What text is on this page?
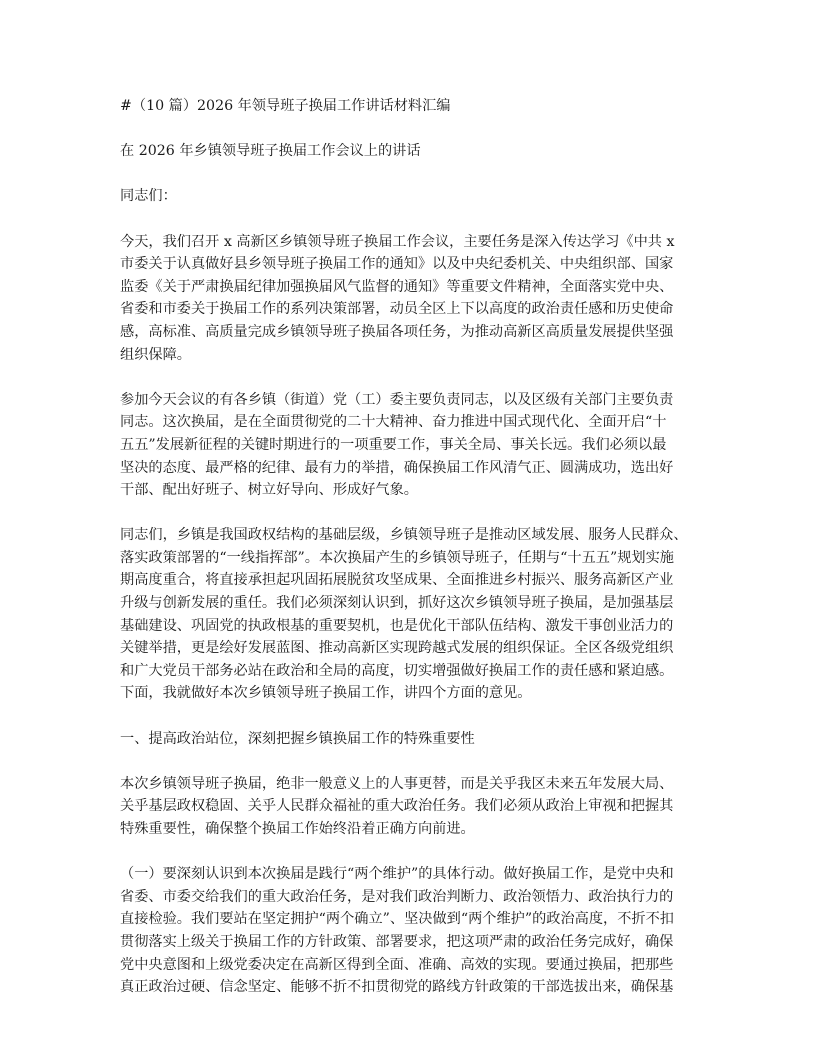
#（10 篇）2026 年领导班子换届工作讲话材料汇编

在 2026 年乡镇领导班子换届工作会议上的讲话

同志们：

今天，我们召开 x 高新区乡镇领导班子换届工作会议，主要任务是深入传达学习《中共 x
市委关于认真做好县乡领导班子换届工作的通知》以及中央纪委机关、中央组织部、国家
监委《关于严肃换届纪律加强换届风气监督的通知》等重要文件精神，全面落实党中央、
省委和市委关于换届工作的系列决策部署，动员全区上下以高度的政治责任感和历史使命
感，高标准、高质量完成乡镇领导班子换届各项任务，为推动高新区高质量发展提供坚强
组织保障。
参加今天会议的有各乡镇（街道）党（工）委主要负责同志，以及区级有关部门主要负责
同志。这次换届，是在全面贯彻党的二十大精神、奋力推进中国式现代化、全面开启“十
五五”发展新征程的关键时期进行的一项重要工作，事关全局、事关长远。我们必须以最
坚决的态度、最严格的纪律、最有力的举措，确保换届工作风清气正、圆满成功，选出好
干部、配出好班子、树立好导向、形成好气象。
同志们，乡镇是我国政权结构的基础层级，乡镇领导班子是推动区域发展、服务人民群众、
落实政策部署的“一线指挥部”。本次换届产生的乡镇领导班子，任期与“十五五”规划实施
期高度重合，将直接承担起巩固拓展脱贫攻坚成果、全面推进乡村振兴、服务高新区产业
升级与创新发展的重任。我们必须深刻认识到，抓好这次乡镇领导班子换届，是加强基层
基础建设、巩固党的执政根基的重要契机，也是优化干部队伍结构、激发干事创业活力的
关键举措，更是绘好发展蓝图、推动高新区实现跨越式发展的组织保证。全区各级党组织
和广大党员干部务必站在政治和全局的高度，切实增强做好换届工作的责任感和紧迫感。
下面，我就做好本次乡镇领导班子换届工作，讲四个方面的意见。
一、提高政治站位，深刻把握乡镇换届工作的特殊重要性
本次乡镇领导班子换届，绝非一般意义上的人事更替，而是关乎我区未来五年发展大局、
关乎基层政权稳固、关乎人民群众福祉的重大政治任务。我们必须从政治上审视和把握其
特殊重要性，确保整个换届工作始终沿着正确方向前进。
（一）要深刻认识到本次换届是践行“两个维护”的具体行动。做好换届工作，是党中央和
省委、市委交给我们的重大政治任务，是对我们政治判断力、政治领悟力、政治执行力的
直接检验。我们要站在坚定拥护“两个确立”、坚决做到“两个维护”的政治高度，不折不扣
贯彻落实上级关于换届工作的方针政策、部署要求，把这项严肃的政治任务完成好，确保
党中央意图和上级党委决定在高新区得到全面、准确、高效的实现。要通过换届，把那些
真正政治过硬、信念坚定、能够不折不扣贯彻党的路线方针政策的干部选拔出来，确保基
